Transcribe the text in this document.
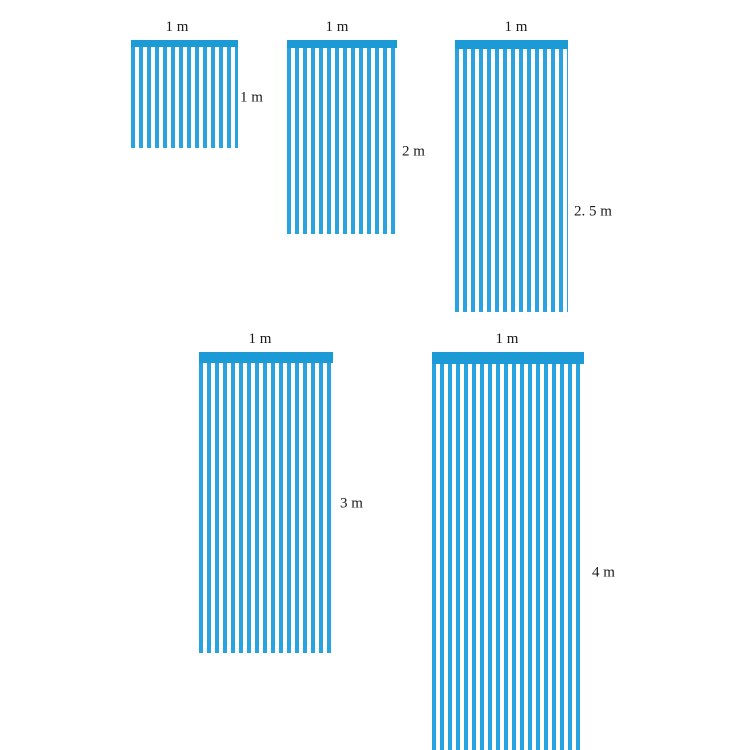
1 m
1 m
1 m
2 m
1 m
2. 5 m
1 m
3 m
1 m
4 m
